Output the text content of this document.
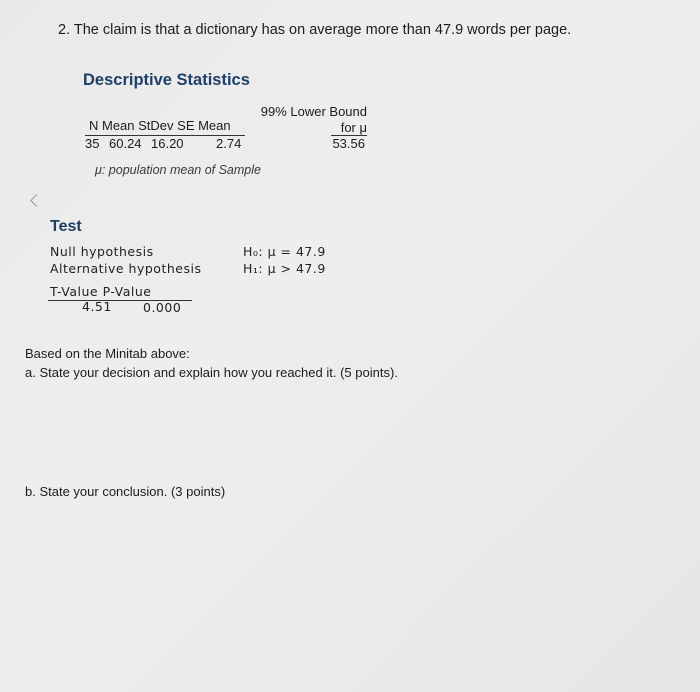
2. The claim is that a dictionary has on average more than 47.9 words per page.
Descriptive Statistics
99% Lower Bound
for μ
N Mean StDev SE Mean
35 60.24 16.20 2.74	53.56
μ: population mean of Sample
Test
Null hypothesis	H₀: μ = 47.9
Alternative hypothesis	H₁: μ > 47.9
T-Value P-Value
4.51 0.000
Based on the Minitab above:
a. State your decision and explain how you reached it. (5 points).
b. State your conclusion. (3 points)
